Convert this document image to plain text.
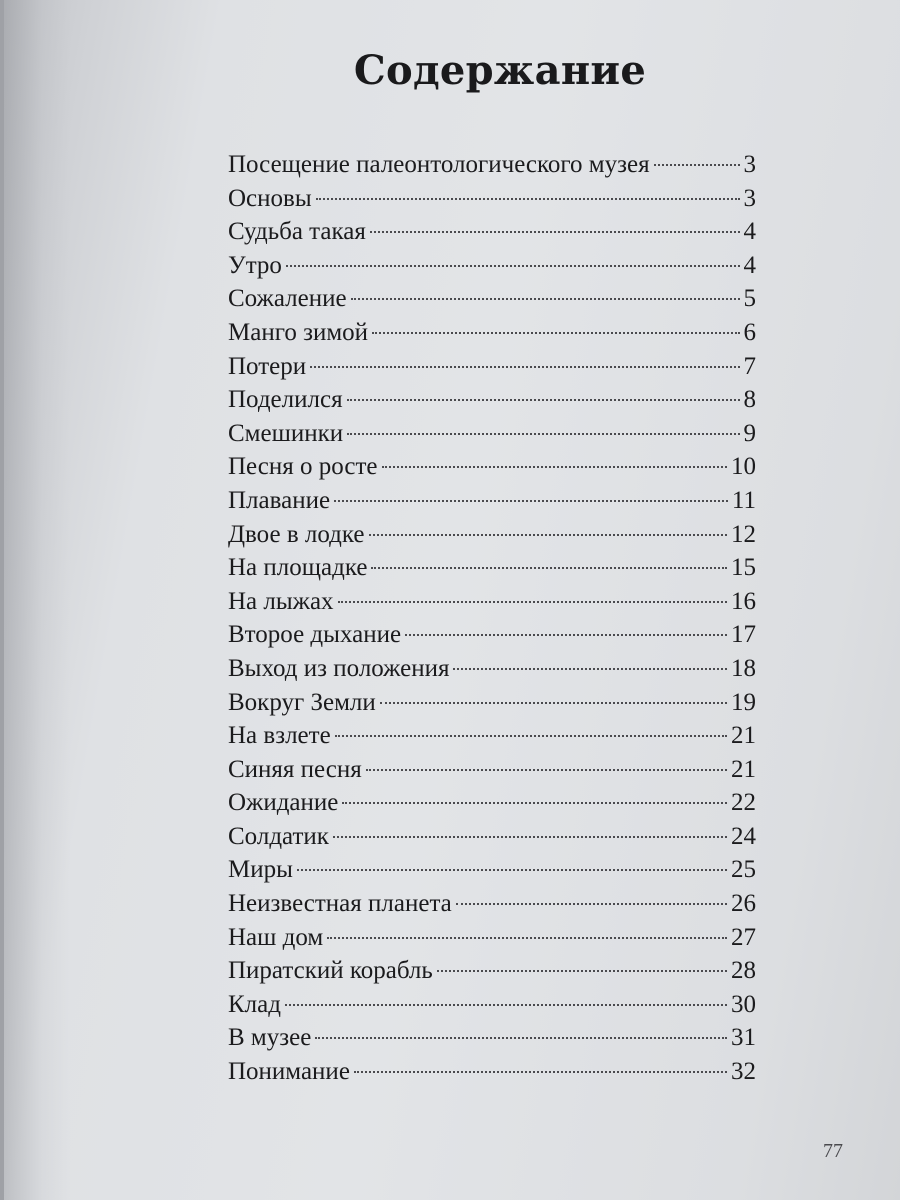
Содержание
Посещение палеонтологического музея	3
Основы	3
Судьба такая	4
Утро	4
Сожаление	5
Манго зимой	6
Потери	7
Поделился	8
Смешинки	9
Песня о росте	10
Плавание	11
Двое в лодке	12
На площадке	15
На лыжах	16
Второе дыхание	17
Выход из положения	18
Вокруг Земли	19
На взлете	21
Синяя песня	21
Ожидание	22
Солдатик	24
Миры	25
Неизвестная планета	26
Наш дом	27
Пиратский корабль	28
Клад	30
В музее	31
Понимание	32
77
